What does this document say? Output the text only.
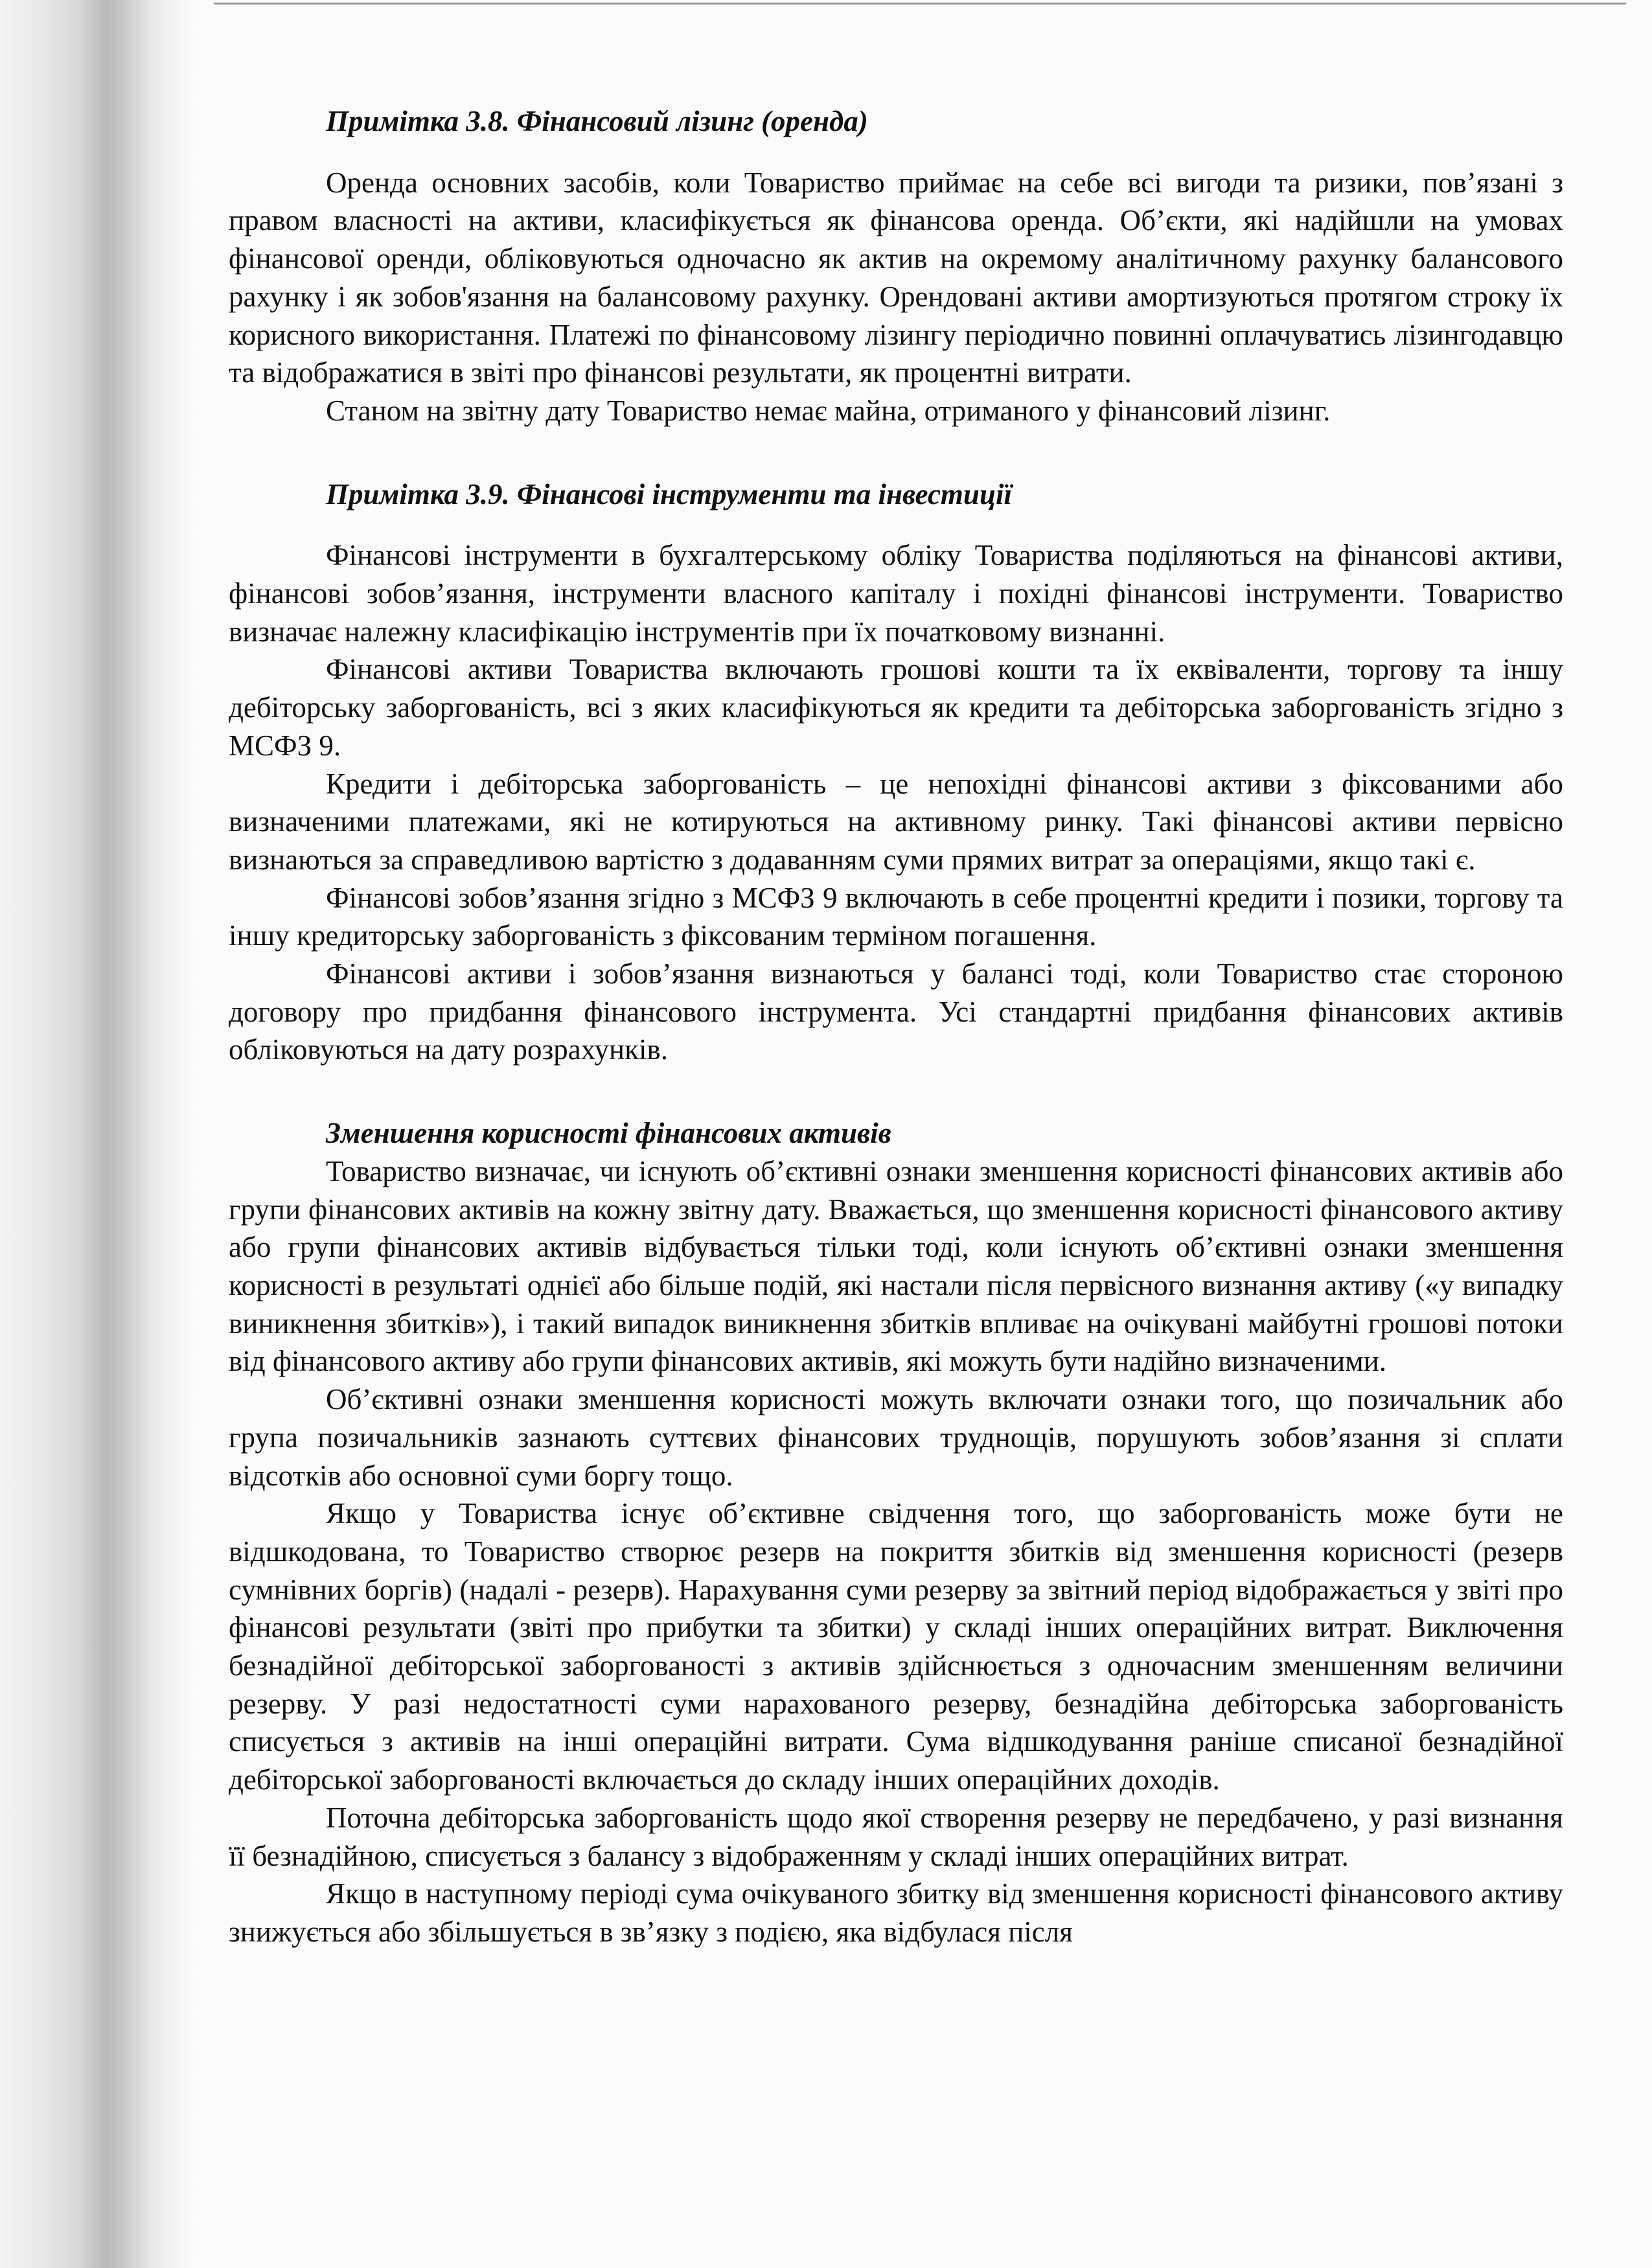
Примітка 3.8. Фінансовий лізинг (оренда)

Оренда основних засобів, коли Товариство приймає на себе всі вигоди та ризики, пов’язані з правом власності на активи, класифікується як фінансова оренда. Об’єкти, які надійшли на умовах фінансової оренди, обліковуються одночасно як актив на окремому аналітичному рахунку балансового рахунку і як зобов'язання на балансовому рахунку. Орендовані активи амортизуються протягом строку їх корисного використання. Платежі по фінансовому лізингу періодично повинні оплачуватись лізингодавцю та відображатися в звіті про фінансові результати, як процентні витрати.

Станом на звітну дату Товариство немає майна, отриманого у фінансовий лізинг.

Примітка 3.9. Фінансові інструменти та інвестиції

Фінансові інструменти в бухгалтерському обліку Товариства поділяються на фінансові активи, фінансові зобов’язання, інструменти власного капіталу і похідні фінансові інструменти. Товариство визначає належну класифікацію інструментів при їх початковому визнанні.

Фінансові активи Товариства включають грошові кошти та їх еквіваленти, торгову та іншу дебіторську заборгованість, всі з яких класифікуються як кредити та дебіторська заборгованість згідно з МСФЗ 9.

Кредити і дебіторська заборгованість – це непохідні фінансові активи з фіксованими або визначеними платежами, які не котируються на активному ринку. Такі фінансові активи первісно визнаються за справедливою вартістю з додаванням суми прямих витрат за операціями, якщо такі є.

Фінансові зобов’язання згідно з МСФЗ 9 включають в себе процентні кредити і позики, торгову та іншу кредиторську заборгованість з фіксованим терміном погашення.

Фінансові активи і зобов’язання визнаються у балансі тоді, коли Товариство стає стороною договору про придбання фінансового інструмента. Усі стандартні придбання фінансових активів обліковуються на дату розрахунків.

Зменшення корисності фінансових активів

Товариство визначає, чи існують об’єктивні ознаки зменшення корисності фінансових активів або групи фінансових активів на кожну звітну дату. Вважається, що зменшення корисності фінансового активу або групи фінансових активів відбувається тільки тоді, коли існують об’єктивні ознаки зменшення корисності в результаті однієї або більше подій, які настали після первісного визнання активу («у випадку виникнення збитків»), і такий випадок виникнення збитків впливає на очікувані майбутні грошові потоки від фінансового активу або групи фінансових активів, які можуть бути надійно визначеними.

Об’єктивні ознаки зменшення корисності можуть включати ознаки того, що позичальник або група позичальників зазнають суттєвих фінансових труднощів, порушують зобов’язання зі сплати відсотків або основної суми боргу тощо.

Якщо у Товариства існує об’єктивне свідчення того, що заборгованість може бути не відшкодована, то Товариство створює резерв на покриття збитків від зменшення корисності (резерв сумнівних боргів) (надалі - резерв). Нарахування суми резерву за звітний період відображається у звіті про фінансові результати (звіті про прибутки та збитки) у складі інших операційних витрат. Виключення безнадійної дебіторської заборгованості з активів здійснюється з одночасним зменшенням величини резерву. У разі недостатності суми нарахованого резерву, безнадійна дебіторська заборгованість списується з активів на інші операційні витрати. Сума відшкодування раніше списаної безнадійної дебіторської заборгованості включається до складу інших операційних доходів.

Поточна дебіторська заборгованість щодо якої створення резерву не передбачено, у разі визнання її безнадійною, списується з балансу з відображенням у складі інших операційних витрат.

Якщо в наступному періоді сума очікуваного збитку від зменшення корисності фінансового активу знижується або збільшується в зв’язку з подією, яка відбулася після
